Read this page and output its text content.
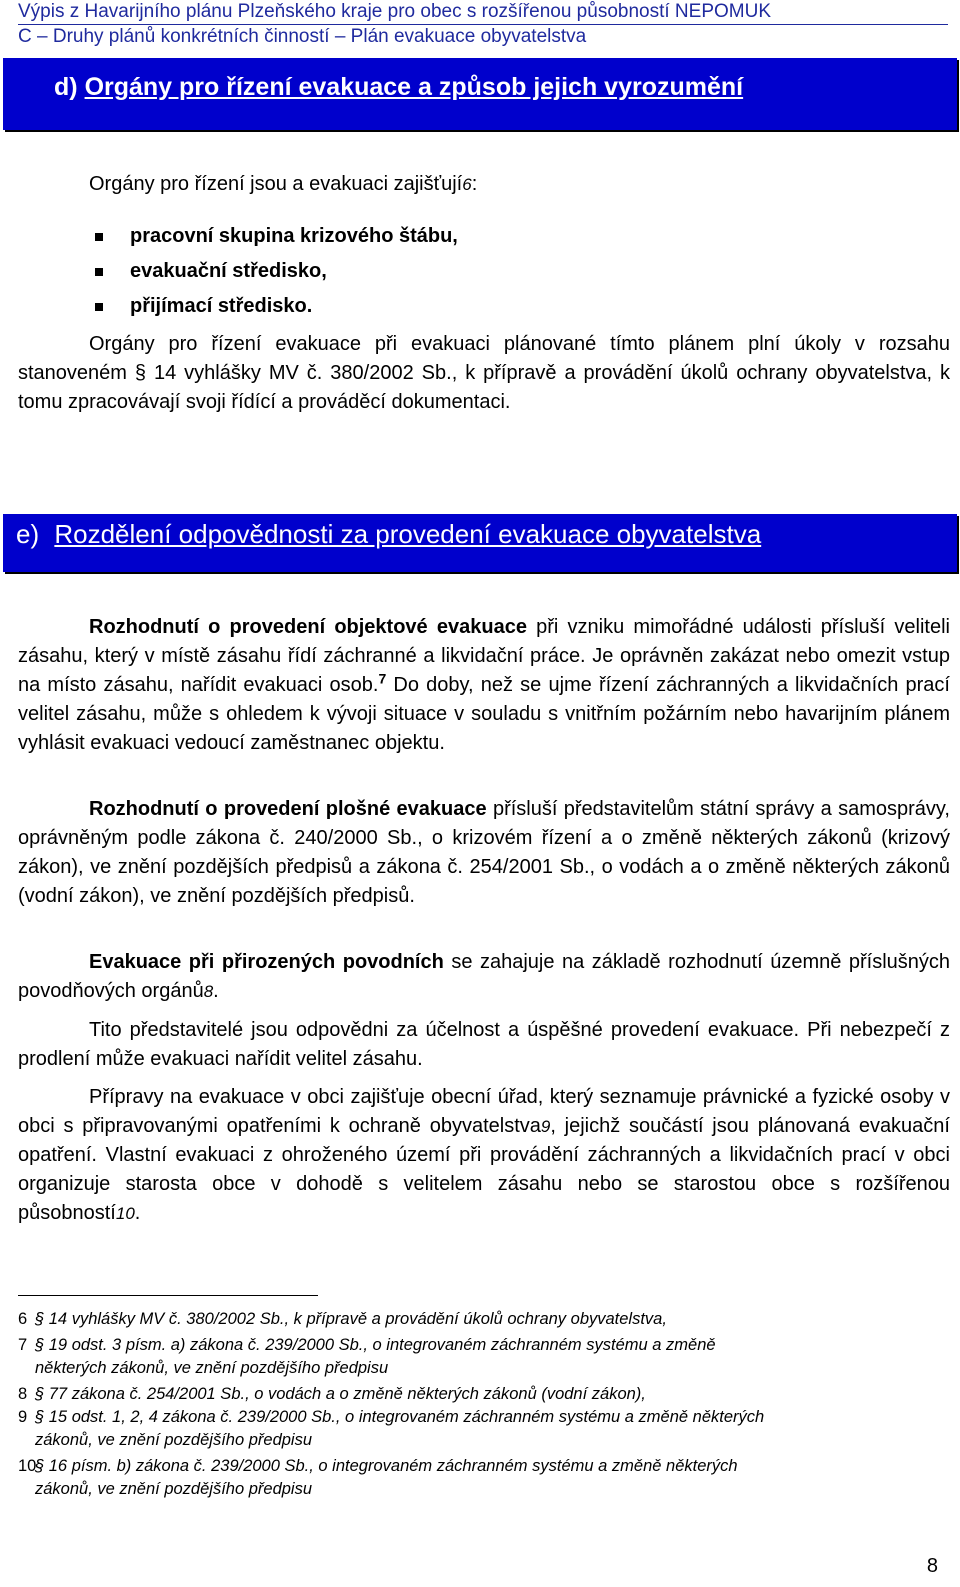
Výpis z Havarijního plánu Plzeňského kraje pro obec s rozšířenou působností NEPOMUK
C – Druhy plánů konkrétních činností – Plán evakuace obyvatelstva
d) Orgány pro řízení evakuace a způsob jejich vyrozumění
Orgány pro řízení jsou a evakuaci zajišťují6:
pracovní skupina krizového štábu,
evakuační středisko,
přijímací středisko.
Orgány pro řízení evakuace při evakuaci plánované tímto plánem plní úkoly v rozsahu stanoveném § 14 vyhlášky MV č. 380/2002 Sb., k přípravě a provádění úkolů ochrany obyvatelstva, k tomu zpracovávají svoji řídící a prováděcí dokumentaci.
e) Rozdělení odpovědnosti za provedení evakuace obyvatelstva
Rozhodnutí o provedení objektové evakuace při vzniku mimořádné události přísluší veliteli zásahu, který v místě zásahu řídí záchranné a likvidační práce. Je oprávněn zakázat nebo omezit vstup na místo zásahu, nařídit evakuaci osob.$^7$ Do doby, než se ujme řízení záchranných a likvidačních prací velitel zásahu, může s ohledem k vývoji situace v souladu s vnitřním požárním nebo havarijním plánem vyhlásit evakuaci vedoucí zaměstnanec objektu.
Rozhodnutí o provedení plošné evakuace přísluší představitelům státní správy a samosprávy, oprávněným podle zákona č. 240/2000 Sb., o krizovém řízení a o změně některých zákonů (krizový zákon), ve znění pozdějších předpisů a zákona č. 254/2001 Sb., o vodách a o změně některých zákonů (vodní zákon), ve znění pozdějších předpisů.
Evakuace při přirozených povodních se zahajuje na základě rozhodnutí územně příslušných povodňových orgánů8.
Tito představitelé jsou odpovědni za účelnost a úspěšné provedení evakuace. Při nebezpečí z prodlení může evakuaci nařídit velitel zásahu.
Přípravy na evakuace v obci zajišťuje obecní úřad, který seznamuje právnické a fyzické osoby v obci s připravovanými opatřeními k ochraně obyvatelstva9, jejichž součástí jsou plánovaná evakuační opatření. Vlastní evakuaci z ohroženého území při provádění záchranných a likvidačních prací v obci organizuje starosta obce v dohodě s velitelem zásahu nebo se starostou obce s rozšířenou působností10.
6 § 14 vyhlášky MV č. 380/2002 Sb., k přípravě a provádění úkolů ochrany obyvatelstva,
7 § 19 odst. 3 písm. a) zákona č. 239/2000 Sb., o integrovaném záchranném systému a změně
některých zákonů, ve znění pozdějšího předpisu
8 § 77 zákona č. 254/2001 Sb., o vodách a o změně některých zákonů (vodní zákon),
9 § 15 odst. 1, 2, 4 zákona č. 239/2000 Sb., o integrovaném záchranném systému a změně některých
zákonů, ve znění pozdějšího předpisu
10§ 16 písm. b) zákona č. 239/2000 Sb., o integrovaném záchranném systému a změně některých
zákonů, ve znění pozdějšího předpisu
8
